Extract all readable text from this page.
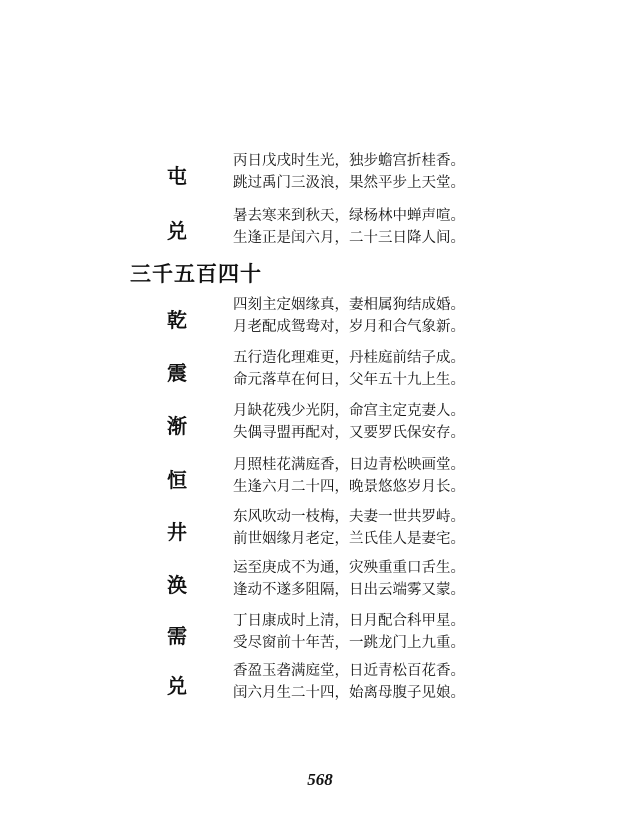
屯
丙日戊戌时生光，独步蟾宫折桂香。
跳过禹门三汲浪，果然平步上天堂。
兑
暑去寒来到秋天，绿杨林中蝉声喧。
生逢正是闰六月，二十三日降人间。
三千五百四十
乾
四刻主定姻缘真，妻相属狗结成婚。
月老配成鸳鸯对，岁月和合气象新。
震
五行造化理难更，丹桂庭前结子成。
命元落草在何日，父年五十九上生。
渐
月缺花残少光阴，命宫主定克妻人。
失偶寻盟再配对，又要罗氏保安存。
恒
月照桂花满庭香，日边青松映画堂。
生逢六月二十四，晚景悠悠岁月长。
井
东风吹动一枝梅，夫妻一世共罗峙。
前世姻缘月老定，兰氏佳人是妻宅。
涣
运至庚成不为通，灾殃重重口舌生。
逢动不遂多阻隔，日出云端雾又蒙。
需
丁日康成时上清，日月配合科甲星。
受尽窗前十年苦，一跳龙门上九重。
兑
香盈玉砻满庭堂，日近青松百花香。
闰六月生二十四，始离母腹子见娘。
568
